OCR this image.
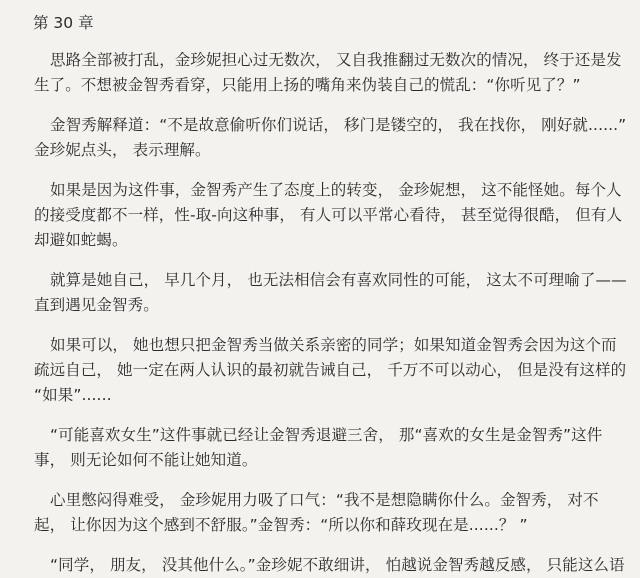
第 30 章
思路全部被打乱，金珍妮担心过无数次， 又自我推翻过无数次的情况， 终于还是发
生了。不想被金智秀看穿，只能用上扬的嘴角来伪装自己的慌乱：“你听见了？”
金智秀解释道：“不是故意偷听你们说话， 移门是镂空的， 我在找你， 刚好就......”
金珍妮点头， 表示理解。
如果是因为这件事，金智秀产生了态度上的转变， 金珍妮想， 这不能怪她。每个人
的接受度都不一样，性-取-向这种事， 有人可以平常心看待， 甚至觉得很酷， 但有人
却避如蛇蝎。
就算是她自己， 早几个月， 也无法相信会有喜欢同性的可能， 这太不可理喻了——
直到遇见金智秀。
如果可以， 她也想只把金智秀当做关系亲密的同学；如果知道金智秀会因为这个而
疏远自己， 她一定在两人认识的最初就告诫自己， 千万不可以动心， 但是没有这样的
“如果”......
“可能喜欢女生”这件事就已经让金智秀退避三舍， 那“喜欢的女生是金智秀”这件
事， 则无论如何不能让她知道。
心里憋闷得难受， 金珍妮用力吸了口气：“我不是想隐瞒你什么。金智秀， 对不
起， 让你因为这个感到不舒服。”金智秀：“所以你和薛玫现在是......？ ”
“同学， 朋友， 没其他什么。”金珍妮不敢细讲， 怕越说金智秀越反感， 只能这么语
